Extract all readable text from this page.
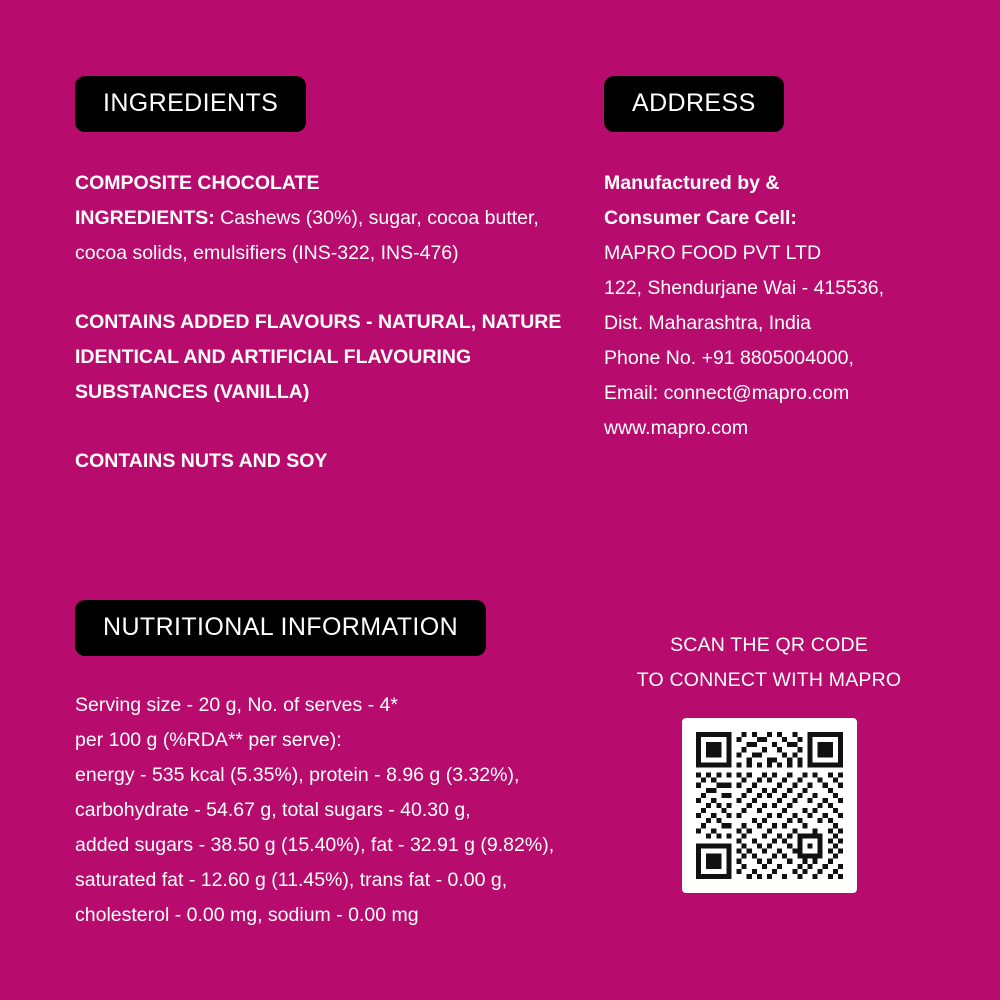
INGREDIENTS
COMPOSITE CHOCOLATE
INGREDIENTS: Cashews (30%), sugar, cocoa butter, cocoa solids, emulsifiers (INS-322, INS-476)
CONTAINS ADDED FLAVOURS - NATURAL, NATURE IDENTICAL AND ARTIFICIAL FLAVOURING SUBSTANCES (VANILLA)
CONTAINS NUTS AND SOY
ADDRESS
Manufactured by &
Consumer Care Cell:
MAPRO FOOD PVT LTD
122, Shendurjane Wai - 415536,
Dist. Maharashtra, India
Phone No. +91 8805004000,
Email: connect@mapro.com
www.mapro.com
NUTRITIONAL INFORMATION
Serving size - 20 g, No. of serves - 4*
per 100 g (%RDA** per serve):
energy - 535 kcal (5.35%), protein - 8.96 g (3.32%),
carbohydrate - 54.67 g, total sugars - 40.30 g,
added sugars - 38.50 g (15.40%), fat - 32.91 g (9.82%),
saturated fat - 12.60 g (11.45%), trans fat - 0.00 g,
cholesterol - 0.00 mg, sodium - 0.00 mg
SCAN THE QR CODE
TO CONNECT WITH MAPRO
